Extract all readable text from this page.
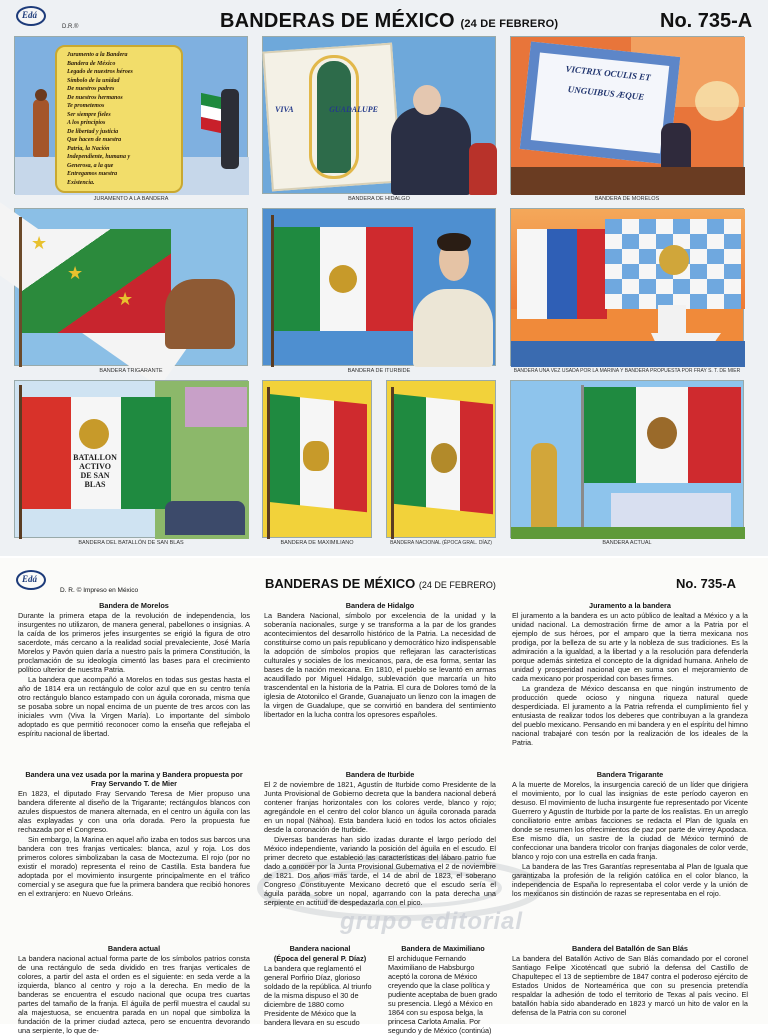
Edá
D.R.®	BANDERAS DE MÉXICO (24 DE FEBRERO)	No. 735-A
Juramento a la Bandera
Bandera de México
Legado de nuestros héroes
Símbolo de la unidad
De nuestros padres
De nuestros hermanos
Te prometemos
Ser siempre fieles
A los principios
De libertad y justicia
Que hacen de nuestra
Patria, la Nación
Independiente, humana y
Generosa, a la que
Entregamos nuestra
Existencia.
JURAMENTO A LA BANDERA
VIVA GUADALUPE
BANDERA DE HIDALGO
VICTRIX OCULIS ET UNGUIBUS ÆQUE
BANDERA DE MORELOS
★
★
★
BANDERA TRIGARANTE	BANDERA DE ITURBIDE	BANDERA UNA VEZ USADA POR LA MARINA Y BANDERA PROPUESTA POR FRAY S. T. DE MIER
BATALLON ACTIVO DE SAN BLAS
BANDERA DEL BATALLÓN DE SAN BLAS	BANDERA DE MAXIMILIANO	BANDERA NACIONAL (ÉPOCA GRAL. DÍAZ)	BANDERA ACTUAL
Edá
D. R. © Impreso en México	BANDERAS DE MÉXICO (24 DE FEBRERO)	No. 735-A
grupo editorial
Bandera de Morelos

Durante la primera etapa de la revolución de independencia, los insurgentes no utilizaron, de manera general, pabellones o insignias. A la caída de los primeros jefes insurgentes se erigió la figura de otro sacerdote, más cercano a la realidad social prevaleciente, José María Morelos y Pavón quien daría a nuestro país la primera Constitución, la proclamación de su ideología cimentó las bases para el crecimiento político ulterior de nuestra Patria.

La bandera que acompañó a Morelos en todas sus gestas hasta el año de 1814 era un rectángulo de color azul que en su centro tenía otro rectángulo blanco estampado con un águila coronada, misma que se posaba sobre un nopal encima de un puente de tres arcos con las iniciales vvm (Viva la Virgen María). Lo importante del símbolo adoptado es que permitió reconocer como la enseña que reflejaba el espíritu nacional de libertad.

Bandera de Hidalgo

La Bandera Nacional, símbolo por excelencia de la unidad y la soberanía nacionales, surge y se transforma a la par de los grandes acontecimientos del desarrollo histórico de la Patria. La necesidad de constituirse como un país republicano y democrático hizo indispensable la adopción de símbolos propios que reflejaran las características culturales y sociales de los mexicanos, para, de esa forma, sentar las bases de la nación mexicana. En 1810, el pueblo se levantó en armas acaudillado por Miguel Hidalgo, sublevación que marcaría un hito trascendental en la historia de la Patria. El cura de Dolores tomó de la iglesia de Atotonilco el Grande, Guanajuato un lienzo con la imagen de la virgen de Guadalupe, que se convirtió en bandera del sentimiento libertador en la lucha contra los opresores españoles.

Juramento a la bandera

El juramento a la bandera es un acto público de lealtad a México y a la unidad nacional. La demostración firme de amor a la Patria por el ejemplo de sus héroes, por el amparo que la tierra mexicana nos prodiga, por la belleza de su arte y la nobleza de sus tradiciones. Es la admiración a la igualdad, a la libertad y a la resolución para defenderla porque además sintetiza el concepto de la dignidad humana. Anhelo de unidad y prosperidad nacional que en suma son el mejoramiento de cada mexicano por prosperidad con bases firmes.

La grandeza de México descansa en que ningún instrumento de producción quede ocioso y ninguna riqueza natural quede desperdiciada. El juramento a la Patria refrenda el cumplimiento fiel y entusiasta de realizar todos los deberes que contribuyan a la grandeza del pueblo mexicano. Pensando en mi bandera y en el espíritu del himno nacional trabajaré con tesón por la realización de los ideales de la Patria.

Bandera una vez usada por la marina y Bandera propuesta por Fray Servando T. de Mier

En 1823, el diputado Fray Servando Teresa de Mier propuso una bandera diferente al diseño de la Trigarante; rectángulos blancos con azules dispuestos de manera alternada, en el centro un águila con las alas explayadas y con una orla dorada. Pero la propuesta fue rechazada por el Congreso.

Sin embargo, la Marina en aquel año izaba en todos sus barcos una bandera con tres franjas verticales: blanca, azul y roja. Los dos primeros colores simbolizaban la casa de Moctezuma. El rojo (por no existir el morado) representa el reino de Castilla. Esta bandera fue adoptada por el movimiento insurgente principalmente en el tráfico comercial y se asegura que fue la primera bandera que recibió honores en el extranjero: en Nuevo Orleáns.

Bandera de Iturbide

El 2 de noviembre de 1821, Agustín de Iturbide como Presidente de la Junta Provisional de Gobierno decreta que la bandera nacional deberá contener franjas horizontales con los colores verde, blanco y rojo; agregándole en el centro del color blanco un águila coronada parada en un nopal (Náhoa). Esta bandera lució en todos los actos oficiales desde la coronación de Iturbide.

Diversas banderas han sido izadas durante el largo período del México independiente, variando la posición del águila en el escudo. El primer decreto que estableció las características del lábaro patrio fue dado a conocer por la Junta Provisional Gubernativa el 2 de noviembre de 1821. Dos años más tarde, el 14 de abril de 1823, el soberano Congreso Constituyente Mexicano decretó que el escudo sería el águila parada sobre un nopal, agarrando con la pata derecha una serpiente en actitud de despedazarla con el pico.

Bandera Trigarante

A la muerte de Morelos, la insurgencia careció de un líder que dirigiera el movimiento, por lo cual las insignias de este período cayeron en desuso. El movimiento de lucha insurgente fue representado por Vicente Guerrero y Agustín de Iturbide por la parte de los realistas. En un arreglo conciliatorio entre ambas facciones se redacta el Plan de Iguala en donde se resumen los ofrecimientos de paz por parte de virrey Apodaca. Ese mismo día, un sastre de la ciudad de México terminó de confeccionar una bandera tricolor con franjas diagonales de color verde, blanco y rojo con una estrella en cada franja.

La bandera de las Tres Garantías representaba al Plan de Iguala que garantizaba la profesión de la religión católica en el color blanco, la independencia de España lo representaba el color verde y la unión de los mexicanos sin distinción de razas se representaba en el rojo.

Bandera actual

La bandera nacional actual forma parte de los símbolos patrios consta de una rectángulo de seda dividido en tres franjas verticales de colores, a partir del asta el orden es el siguiente: en seda verde a la izquierda, blanco al centro y rojo a la derecha. En medio de la banderas se encuentra el escudo nacional que ocupa tres cuartas partes del tamaño de la franja. El águila de perfil muestra el caudal su ala majestuosa, se encuentra parada en un nopal que simboliza la fundación de la primer ciudad azteca, pero se encuentra devorando una serpiente, lo que de-

Bandera nacional
(Época del general P. Díaz)

La bandera que reglamentó el general Porfirio Díaz, glorioso soldado de la república. Al triunfo de la misma dispuso el 30 de diciembre de 1880 como Presidente de México que la bandera llevara en su escudo

Bandera de Maximiliano

El archiduque Fernando Maximiliano de Habsburgo aceptó la corona de México creyendo que la clase política y pudiente aceptaba de buen grado su presencia. Llegó a México en 1864 con su esposa belga, la princesa Carlota Amalia. Por segundo y de México (continúa)

Bandera del Batallón de San Blás

La bandera del Batallón Activo de San Blás comandado por el coronel Santiago Felipe Xicoténcatl que subrió la defensa del Castillo de Chapultepec el 13 de septiembre de 1847 contra el poderoso ejército de Estados Unidos de Norteamérica que con su presencia pretendía respaldar la adhesión de todo el territorio de Texas al país vecino. El batallón había sido abanderado en 1823 y marcó un hito de valor en la defensa de la Patria con su coronel
